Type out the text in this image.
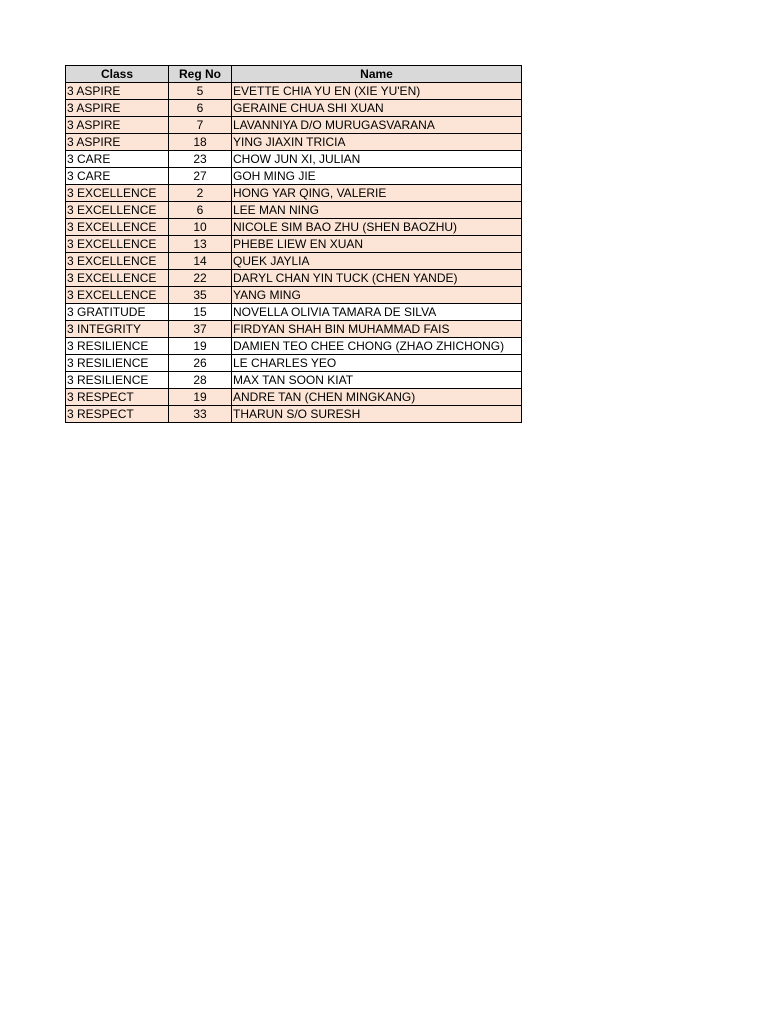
Class	Reg No	Name
3 ASPIRE	5	EVETTE CHIA YU EN (XIE YU'EN)
3 ASPIRE	6	GERAINE CHUA SHI XUAN
3 ASPIRE	7	LAVANNIYA D/O MURUGASVARANA
3 ASPIRE	18	YING JIAXIN TRICIA
3 CARE	23	CHOW JUN XI, JULIAN
3 CARE	27	GOH MING JIE
3 EXCELLENCE	2	HONG YAR QING, VALERIE
3 EXCELLENCE	6	LEE MAN NING
3 EXCELLENCE	10	NICOLE SIM BAO ZHU (SHEN BAOZHU)
3 EXCELLENCE	13	PHEBE LIEW EN XUAN
3 EXCELLENCE	14	QUEK JAYLIA
3 EXCELLENCE	22	DARYL CHAN YIN TUCK (CHEN YANDE)
3 EXCELLENCE	35	YANG MING
3 GRATITUDE	15	NOVELLA OLIVIA TAMARA DE SILVA
3 INTEGRITY	37	FIRDYAN SHAH BIN MUHAMMAD FAIS
3 RESILIENCE	19	DAMIEN TEO CHEE CHONG (ZHAO ZHICHONG)
3 RESILIENCE	26	LE CHARLES YEO
3 RESILIENCE	28	MAX TAN SOON KIAT
3 RESPECT	19	ANDRE TAN (CHEN MINGKANG)
3 RESPECT	33	THARUN S/O SURESH
